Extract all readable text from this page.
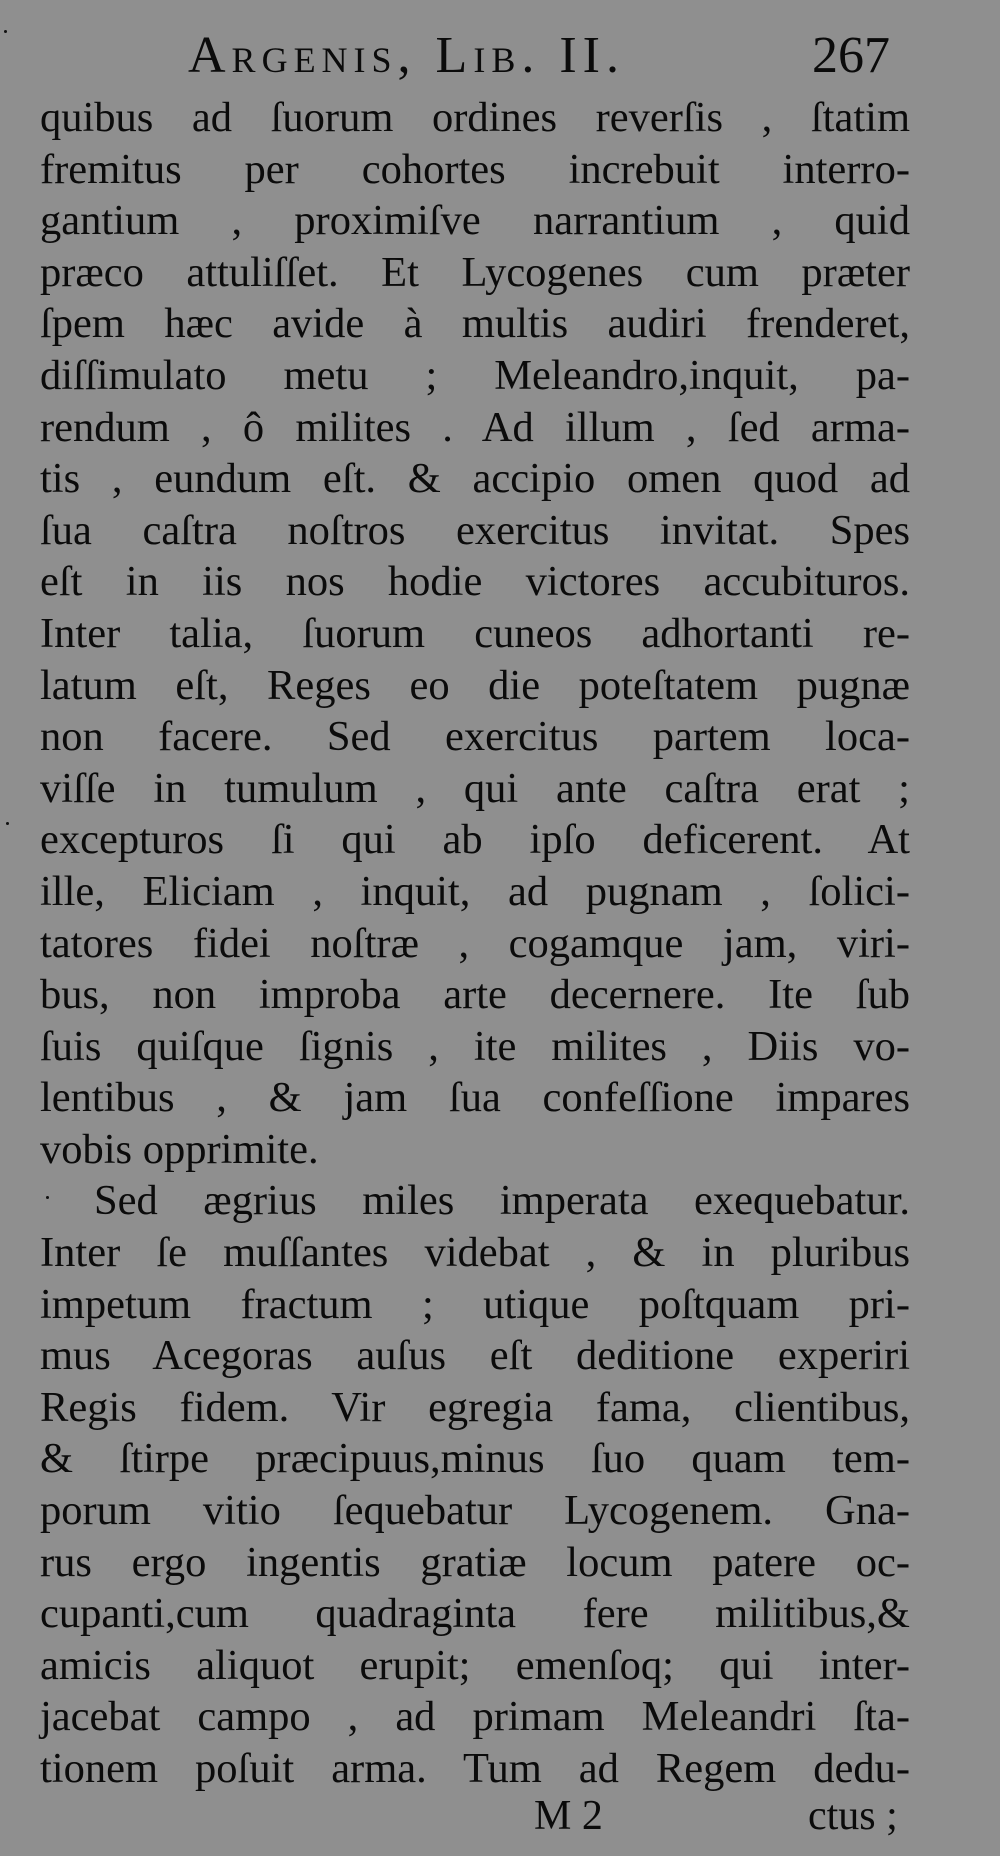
Argenis, Lib. II.	267
quibus ad ſuorum ordines reverſis , ſtatim
fremitus per cohortes increbuit interro-
gantium , proximiſve narrantium , quid
præco attuliſſet. Et Lycogenes cum præter
ſpem hæc avide à multis audiri frenderet,
diſſimulato metu ; Meleandro,inquit, pa-
rendum , ô milites . Ad illum , ſed arma-
tis , eundum eſt. & accipio omen quod ad
ſua caſtra noſtros exercitus invitat. Spes
eſt in iis nos hodie victores accubituros.
Inter talia, ſuorum cuneos adhortanti re-
latum eſt, Reges eo die poteſtatem pugnæ
non facere. Sed exercitus partem loca-
viſſe in tumulum , qui ante caſtra erat ;
excepturos ſi qui ab ipſo deficerent. At
ille, Eliciam , inquit, ad pugnam , ſolici-
tatores fidei noſtræ , cogamque jam, viri-
bus, non improba arte decernere. Ite ſub
ſuis quiſque ſignis , ite milites , Diis vo-
lentibus , & jam ſua confeſſione impares
vobis opprimite.
Sed ægrius miles imperata exequebatur.
Inter ſe muſſantes videbat , & in pluribus
impetum fractum ; utique poſtquam pri-
mus Acegoras auſus eſt deditione experiri
Regis fidem. Vir egregia fama, clientibus,
& ſtirpe præcipuus,minus ſuo quam tem-
porum vitio ſequebatur Lycogenem. Gna-
rus ergo ingentis gratiæ locum patere oc-
cupanti,cum quadraginta fere militibus,&
amicis aliquot erupit; emenſoq; qui inter-
jacebat campo , ad primam Meleandri ſta-
tionem poſuit arma. Tum ad Regem dedu-
M 2	ctus ;
